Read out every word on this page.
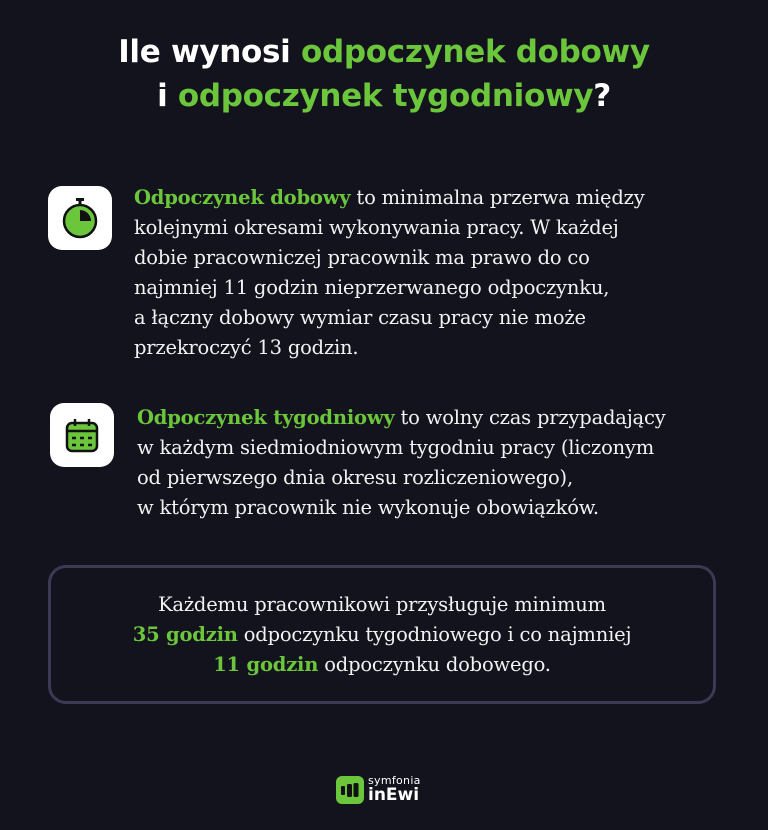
Ile wynosi odpoczynek dobowy
i odpoczynek tygodniowy?
Odpoczynek dobowy to minimalna przerwa między
kolejnymi okresami wykonywania pracy. W każdej
dobie pracowniczej pracownik ma prawo do co
najmniej 11 godzin nieprzerwanego odpoczynku,
a łączny dobowy wymiar czasu pracy nie może
przekroczyć 13 godzin.
Odpoczynek tygodniowy to wolny czas przypadający
w każdym siedmiodniowym tygodniu pracy (liczonym
od pierwszego dnia okresu rozliczeniowego),
w którym pracownik nie wykonuje obowiązków.
Każdemu pracownikowi przysługuje minimum
35 godzin odpoczynku tygodniowego i co najmniej
11 godzin odpoczynku dobowego.
symfonia
inEwi
